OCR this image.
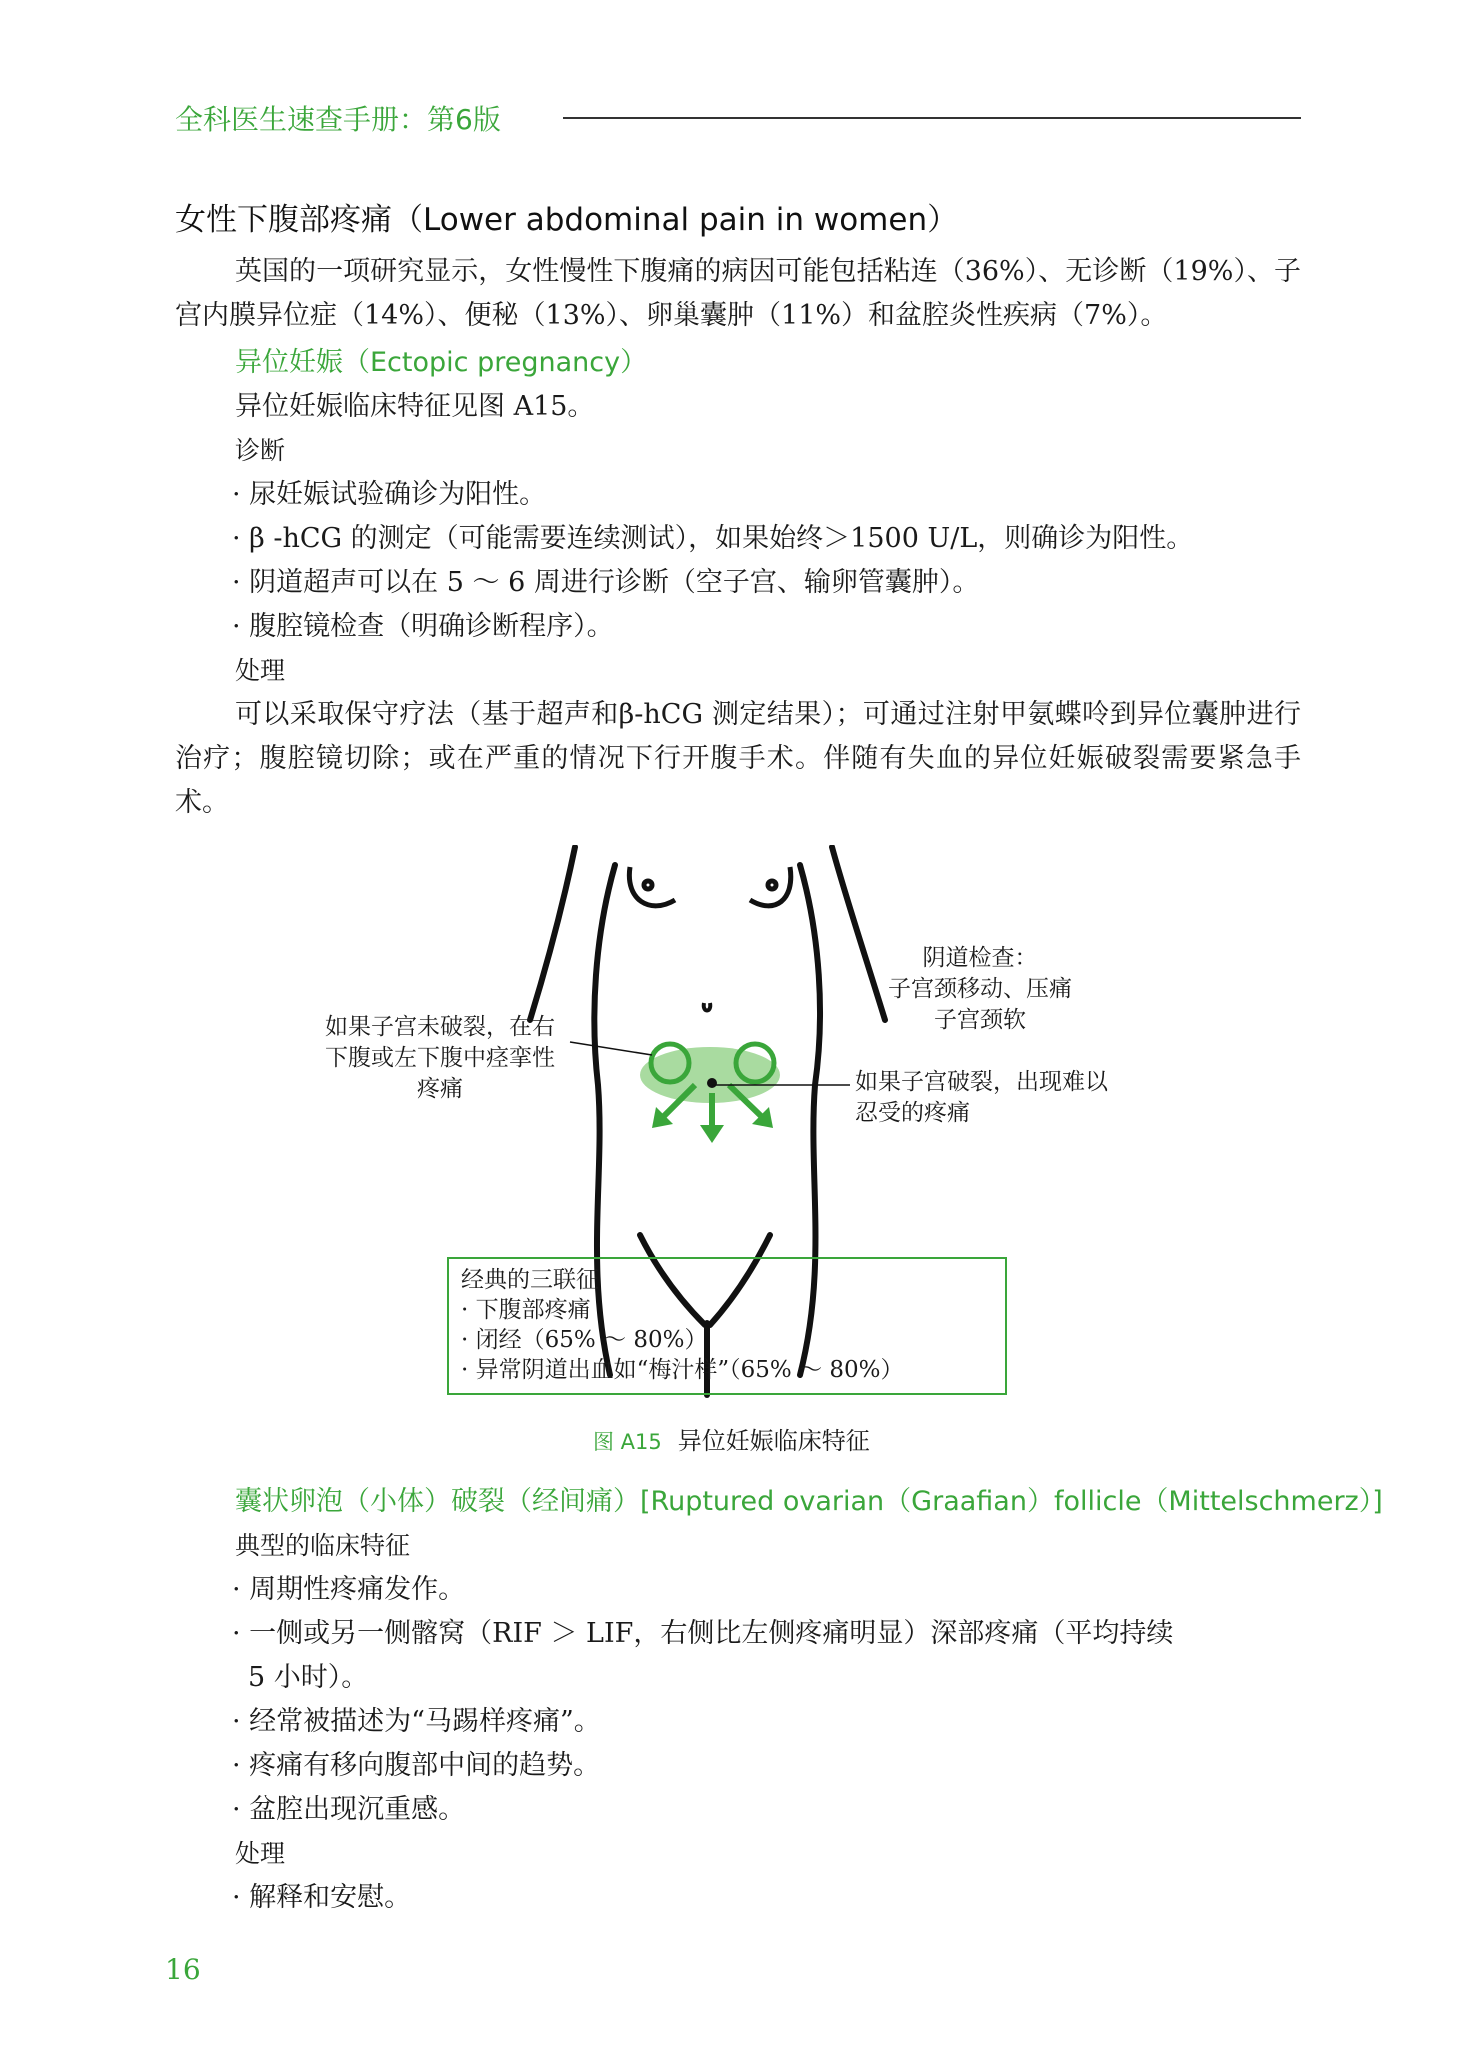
全科医生速查手册：第6版
女性下腹部疼痛（Lower abdominal pain in women）
英国的一项研究显示，女性慢性下腹痛的病因可能包括粘连（36%）、无诊断（19%）、子宫内膜异位症（14%）、便秘（13%）、卵巢囊肿（11%）和盆腔炎性疾病（7%）。
异位妊娠（Ectopic pregnancy）
异位妊娠临床特征见图 A15。
诊断
· 尿妊娠试验确诊为阳性。
· β -hCG 的测定（可能需要连续测试），如果始终＞1500 U/L，则确诊为阳性。
· 阴道超声可以在 5 ～ 6 周进行诊断（空子宫、输卵管囊肿）。
· 腹腔镜检查（明确诊断程序）。
处理
可以采取保守疗法（基于超声和β-hCG 测定结果）；可通过注射甲氨蝶呤到异位囊肿进行治疗；腹腔镜切除；或在严重的情况下行开腹手术。伴随有失血的异位妊娠破裂需要紧急手术。
阴道检查：
子宫颈移动、压痛
子宫颈软
如果子宫未破裂，在右
下腹或左下腹中痉挛性
疼痛	如果子宫破裂，出现难以
忍受的疼痛
经典的三联征
· 下腹部疼痛
· 闭经（65% ～ 80%）
· 异常阴道出血如“梅汁样”（65% ～ 80%）
图 A15 异位妊娠临床特征
囊状卵泡（小体）破裂（经间痛）[Ruptured ovarian（Graafian）follicle（Mittelschmerz）]
典型的临床特征
· 周期性疼痛发作。
· 一侧或另一侧髂窝（RIF ＞ LIF，右侧比左侧疼痛明显）深部疼痛（平均持续
5 小时）。
· 经常被描述为“马踢样疼痛”。
· 疼痛有移向腹部中间的趋势。
· 盆腔出现沉重感。
处理
· 解释和安慰。
16
